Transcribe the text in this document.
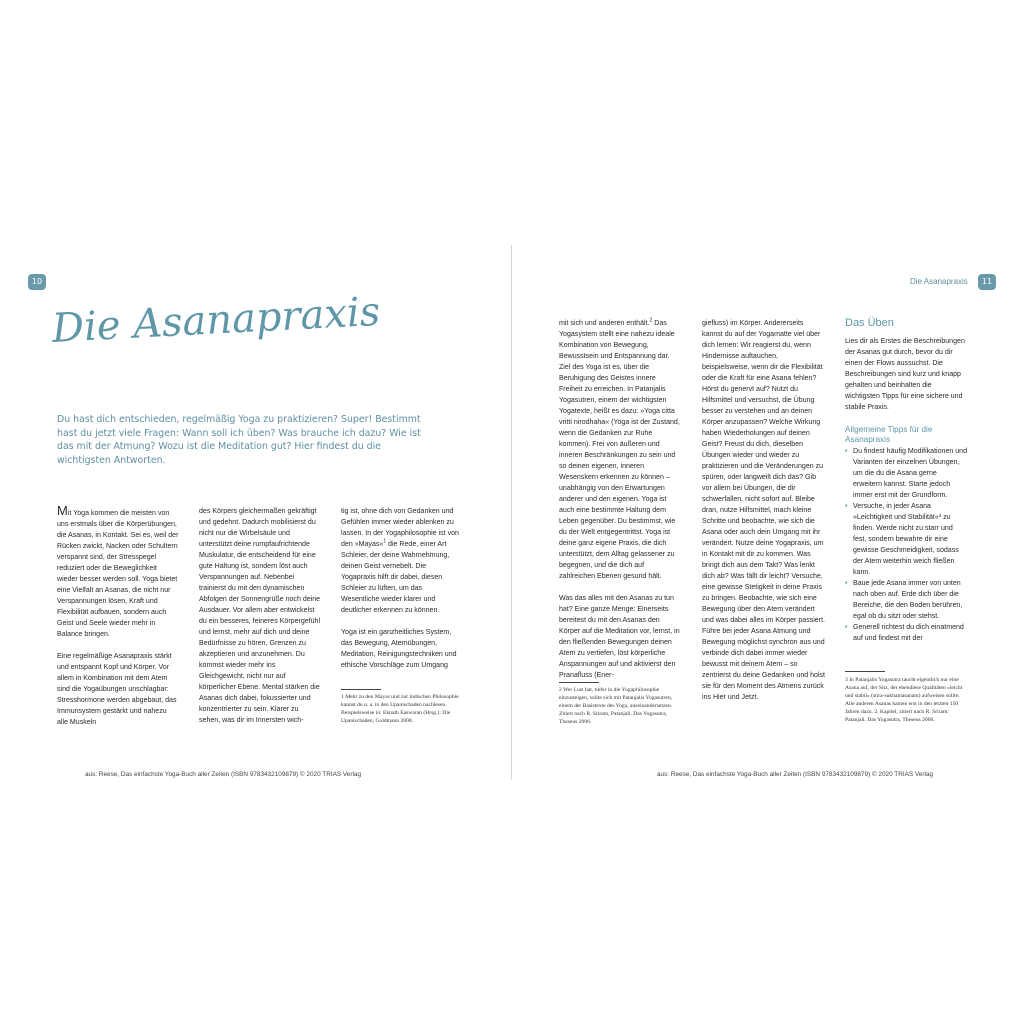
10
Die Asanapraxis
Du hast dich entschieden, regelmäßig Yoga zu praktizieren? Super! Bestimmt hast du jetzt viele Fragen: Wann soll ich üben? Was brauche ich dazu? Wie ist das mit der Atmung? Wozu ist die Meditation gut? Hier findest du die wichtigsten Antworten.

Mit Yoga kommen die meisten von uns erstmals über die Körperübungen, die Asanas, in Kontakt. Sei es, weil der Rücken zwickt, Nacken oder Schultern verspannt sind, der Stresspegel reduziert oder die Beweglichkeit wieder besser werden soll. Yoga bietet eine Vielfalt an Asanas, die nicht nur Verspannungen lösen, Kraft und Flexibilität aufbauen, sondern auch Geist und Seele wieder mehr in Balance bringen.

Eine regelmäßige Asanapraxis stärkt und entspannt Kopf und Körper. Vor allem in Kombination mit dem Atem sind die Yogaübungen unschlagbar: Stresshormone werden abgebaut, das Immunsystem gestärkt und nahezu alle Muskeln

des Körpers gleichermaßen gekräftigt und gedehnt. Dadurch mobilisierst du nicht nur die Wirbelsäule und unterstützt deine rumpfaufrichtende Muskulatur, die entscheidend für eine gute Haltung ist, sondern löst auch Verspannungen auf. Nebenbei trainierst du mit den dynamischen Abfolgen der Sonnengrüße noch deine Ausdauer. Vor allem aber entwickelst du ein besseres, feineres Körpergefühl und lernst, mehr auf dich und deine Bedürfnisse zu hören, Grenzen zu akzeptieren und anzunehmen. Du kommst wieder mehr ins Gleichgewicht, nicht nur auf körperlicher Ebene. Mental stärken die Asanas dich dabei, fokussierter und konzentrierter zu sein. Klarer zu sehen, was dir im Innersten wich-

tig ist, ohne dich von Gedanken und Gefühlen immer wieder ablenken zu lassen. In der Yogaphilosophie ist von den »Mayas«$^1$ die Rede, einer Art Schleier, der deine Wahrnehmung, deinen Geist vernebelt. Die Yogapraxis hilft dir dabei, diesen Schleier zu lüften, um das Wesentliche wieder klarer und deutlicher erkennen zu können.

Yoga ist ein ganzheitliches System, das Bewegung, Atemübungen, Meditation, Reinigungstechniken und ethische Vorschläge zum Umgang

1 Mehr zu den Mayas und zur indischen Philosophie kannst du u. a. in den Upanischaden nachlesen. Beispielsweise in: Eknath Easwaran (Hrsg.): Die Upanischaden, Goldmann 2008.
aus: Reese, Das einfachste Yoga-Buch aller Zeiten (ISBN 9783432109879) © 2020 TRIAS Verlag
Die Asanapraxis	11

mit sich und anderen enthält.$^2$ Das Yogasystem stellt eine nahezu ideale Kombination von Bewegung, Bewusstsein und Entspannung dar. Ziel des Yoga ist es, über die Beruhigung des Geistes innere Freiheit zu erreichen. In Patanjalis Yogasutren, einem der wichtigsten Yogatexte, heißt es dazu: »Yoga citta vritti nirodhaha« (Yoga ist der Zustand, wenn die Gedanken zur Ruhe kommen). Frei von äußeren und inneren Beschränkungen zu sein und so deinen eigenen, inneren Wesenskern erkennen zu können – unabhängig von den Erwartungen anderer und den eigenen. Yoga ist auch eine bestimmte Haltung dem Leben gegenüber. Du bestimmst, wie du der Welt entgegentrittst. Yoga ist deine ganz eigene Praxis, die dich unterstützt, dem Alltag gelassener zu begegnen, und die dich auf zahlreichen Ebenen gesund hält.

Was das alles mit den Asanas zu tun hat? Eine ganze Menge: Einerseits bereitest du mit den Asanas den Körper auf die Meditation vor, lernst, in den fließenden Bewegungen deinen Atem zu vertiefen, löst körperliche Anspannungen auf und aktivierst den Pranafluss (Ener-

2 Wer Lust hat, tiefer in die Yogaphilosophie einzusteigen, sollte sich mit Patanjalis Yogasutren, einem der Basistexte des Yoga, auseinandersetzen. Zitiert nach R. Sriram, Patanjali. Das Yogasutra, Theseus 2006.

giefluss) im Körper. Andererseits kannst du auf der Yogamatte viel über dich lernen: Wir reagierst du, wenn Hindernisse auftauchen, beispielsweise, wenn dir die Flexibilität oder die Kraft für eine Asana fehlen? Hörst du genervt auf? Nutzt du Hilfsmittel und versuchst, die Übung besser zu verstehen und an deinen Körper anzupassen? Welche Wirkung haben Wiederholungen auf deinen Geist? Freust du dich, dieselben Übungen wieder und wieder zu praktizieren und die Veränderungen zu spüren, oder langweilt dich das? Gib vor allem bei Übungen, die dir schwerfallen, nicht sofort auf. Bleibe dran, nutze Hilfsmittel, mach kleine Schritte und beobachte, wie sich die Asana oder auch dein Umgang mit ihr verändert. Nutze deine Yogapraxis, um in Kontakt mit dir zu kommen. Was bringt dich aus dem Takt? Was lenkt dich ab? Was fällt dir leicht? Versuche, eine gewisse Stetigkeit in deine Praxis zu bringen. Beobachte, wie sich eine Bewegung über den Atem verändert und was dabei alles im Körper passiert. Führe bei jeder Asana Atmung und Bewegung möglichst synchron aus und verbinde dich dabei immer wieder bewusst mit deinem Atem – so zentrierst du deine Gedanken und holst sie für den Moment des Atmens zurück ins Hier und Jetzt.

Das Üben

Lies dir als Erstes die Beschreibungen der Asanas gut durch, bevor du dir einen der Flows aussuchst. Die Beschreibungen sind kurz und knapp gehalten und beinhalten die wichtigsten Tipps für eine sichere und stabile Praxis.

Allgemeine Tipps für die Asanapraxis
• Du findest häufig Modifikationen und Varianten der einzelnen Übungen, um die du die Asana gerne erweitern kannst. Starte jedoch immer erst mit der Grundform.
• Versuche, in jeder Asana »Leichtigkeit und Stabilität«³ zu finden. Werde nicht zu starr und fest, sondern bewahre dir eine gewisse Geschmeidigkeit, sodass der Atem weiterhin weich fließen kann.
• Baue jede Asana immer von unten nach oben auf. Erde dich über die Bereiche, die den Boden berühren, egal ob du sitzt oder stehst.
• Generell richtest du dich einatmend auf und findest mit der
3 In Patanjalis Yogasutra taucht eigentlich nur eine Asana auf, der Sitz, der ebendiese Qualitäten »leicht und stabil« (stira-sukhamasanam) aufweisen sollte. Alle anderen Asanas kamen erst in den letzten 150 Jahren dazu. 2. Kapitel, zitiert nach R. Sriram: Patanjali. Das Yogasutra, Theseus 2006.
aus: Reese, Das einfachste Yoga-Buch aller Zeiten (ISBN 9783432109879) © 2020 TRIAS Verlag
